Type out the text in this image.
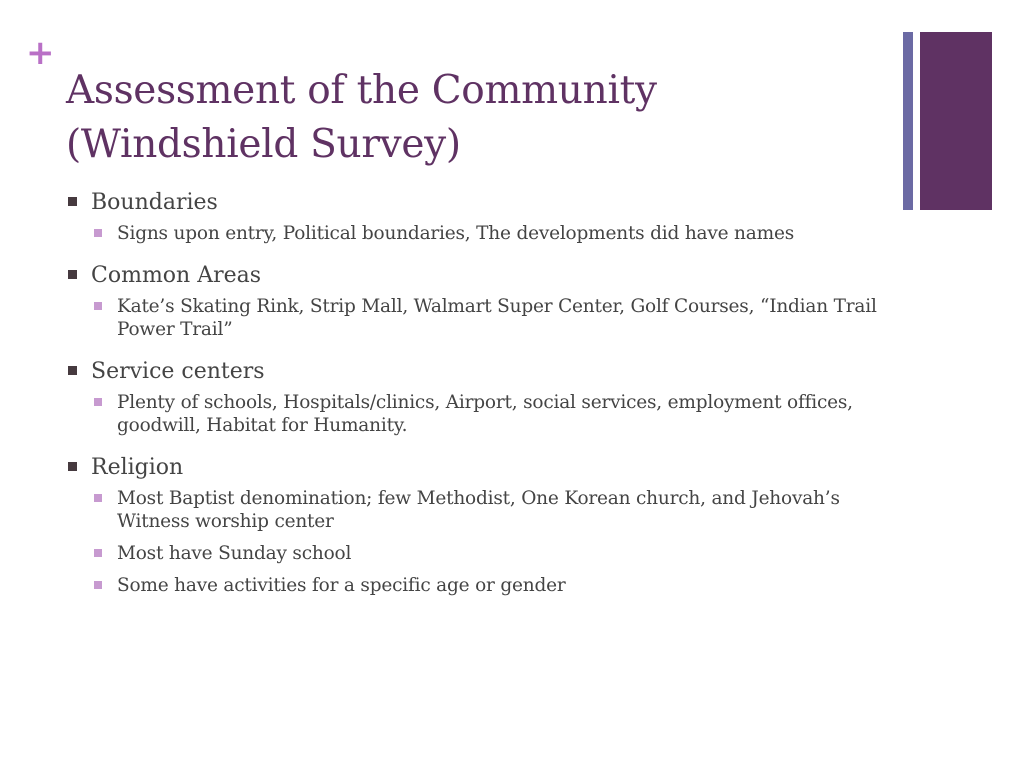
+
Assessment of the Community
(Windshield Survey)
Boundaries
Signs upon entry, Political boundaries, The developments did have names
Common Areas
Kate’s Skating Rink, Strip Mall, Walmart Super Center, Golf Courses, “Indian Trail Power Trail”
Service centers
Plenty of schools, Hospitals/clinics, Airport, social services, employment offices, goodwill, Habitat for Humanity.
Religion
Most Baptist denomination; few Methodist, One Korean church, and Jehovah’s Witness worship center
Most have Sunday school
Some have activities for a specific age or gender
